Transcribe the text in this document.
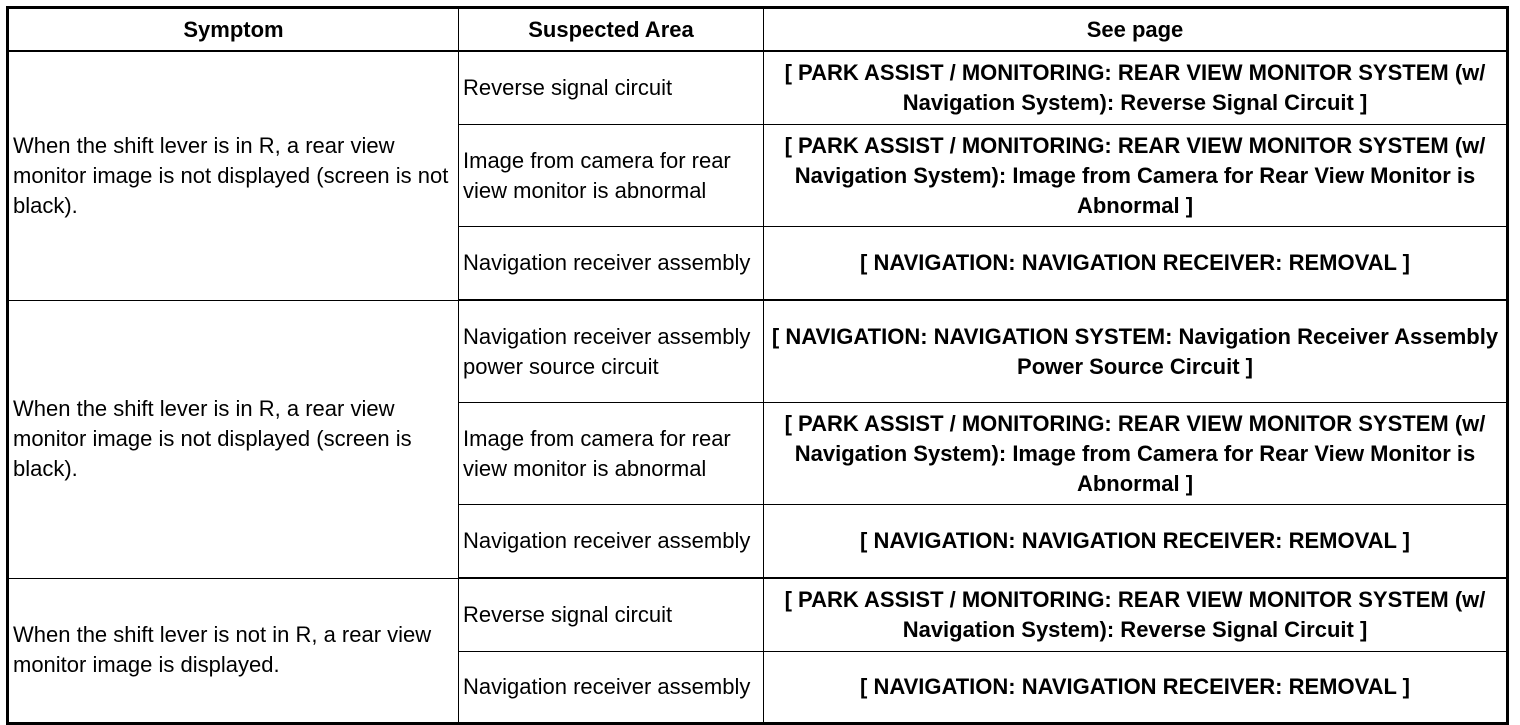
Symptom	Suspected Area	See page
When the shift lever is in R, a rear view monitor image is not displayed (screen is not black).	Reverse signal circuit	[ PARK ASSIST / MONITORING: REAR VIEW MONITOR SYSTEM (w/ Navigation System): Reverse Signal Circuit ]
	Image from camera for rear view monitor is abnormal	[ PARK ASSIST / MONITORING: REAR VIEW MONITOR SYSTEM (w/ Navigation System): Image from Camera for Rear View Monitor is Abnormal ]
	Navigation receiver assembly	[ NAVIGATION: NAVIGATION RECEIVER: REMOVAL ]
When the shift lever is in R, a rear view monitor image is not displayed (screen is black).	Navigation receiver assembly power source circuit	[ NAVIGATION: NAVIGATION SYSTEM: Navigation Receiver Assembly Power Source Circuit ]
	Image from camera for rear view monitor is abnormal	[ PARK ASSIST / MONITORING: REAR VIEW MONITOR SYSTEM (w/ Navigation System): Image from Camera for Rear View Monitor is Abnormal ]
	Navigation receiver assembly	[ NAVIGATION: NAVIGATION RECEIVER: REMOVAL ]
When the shift lever is not in R, a rear view monitor image is displayed.	Reverse signal circuit	[ PARK ASSIST / MONITORING: REAR VIEW MONITOR SYSTEM (w/ Navigation System): Reverse Signal Circuit ]
	Navigation receiver assembly	[ NAVIGATION: NAVIGATION RECEIVER: REMOVAL ]
